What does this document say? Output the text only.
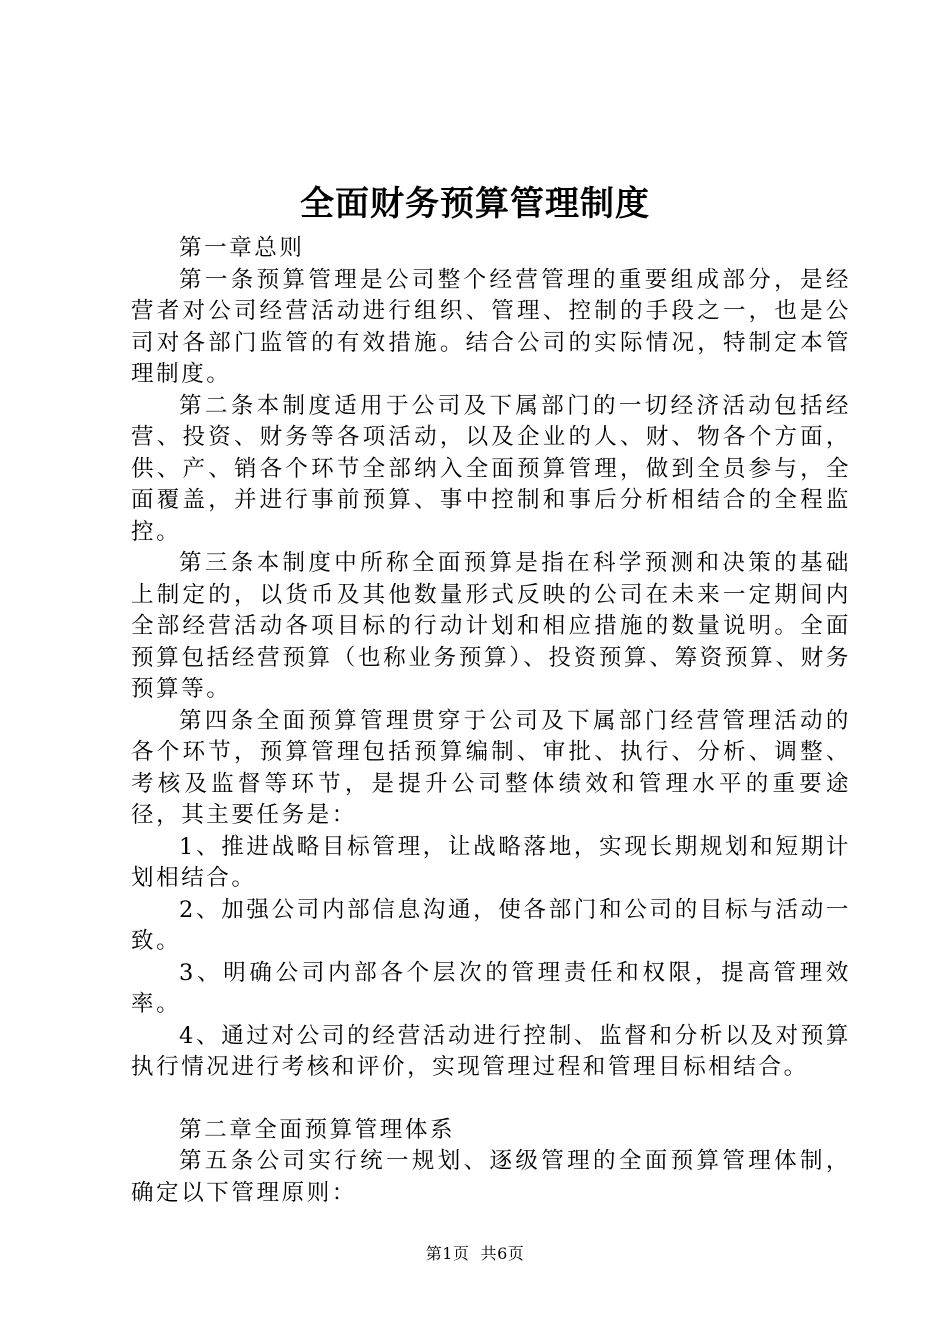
全面财务预算管理制度

第一章总则

第一条预算管理是公司整个经营管理的重要组成部分，是经营者对公司经营活动进行组织、管理、控制的手段之一，也是公司对各部门监管的有效措施。结合公司的实际情况，特制定本管理制度。

第二条本制度适用于公司及下属部门的一切经济活动包括经营、投资、财务等各项活动，以及企业的人、财、物各个方面，供、产、销各个环节全部纳入全面预算管理，做到全员参与，全面覆盖，并进行事前预算、事中控制和事后分析相结合的全程监控。

第三条本制度中所称全面预算是指在科学预测和决策的基础上制定的，以货币及其他数量形式反映的公司在未来一定期间内全部经营活动各项目标的行动计划和相应措施的数量说明。全面预算包括经营预算（也称业务预算）、投资预算、筹资预算、财务预算等。

第四条全面预算管理贯穿于公司及下属部门经营管理活动的各个环节，预算管理包括预算编制、审批、执行、分析、调整、考核及监督等环节，是提升公司整体绩效和管理水平的重要途径，其主要任务是：

1、推进战略目标管理，让战略落地，实现长期规划和短期计划相结合。

2、加强公司内部信息沟通，使各部门和公司的目标与活动一致。

3、明确公司内部各个层次的管理责任和权限，提高管理效率。

4、通过对公司的经营活动进行控制、监督和分析以及对预算执行情况进行考核和评价，实现管理过程和管理目标相结合。

第二章全面预算管理体系

第五条公司实行统一规划、逐级管理的全面预算管理体制，确定以下管理原则：

第1页 共6页
